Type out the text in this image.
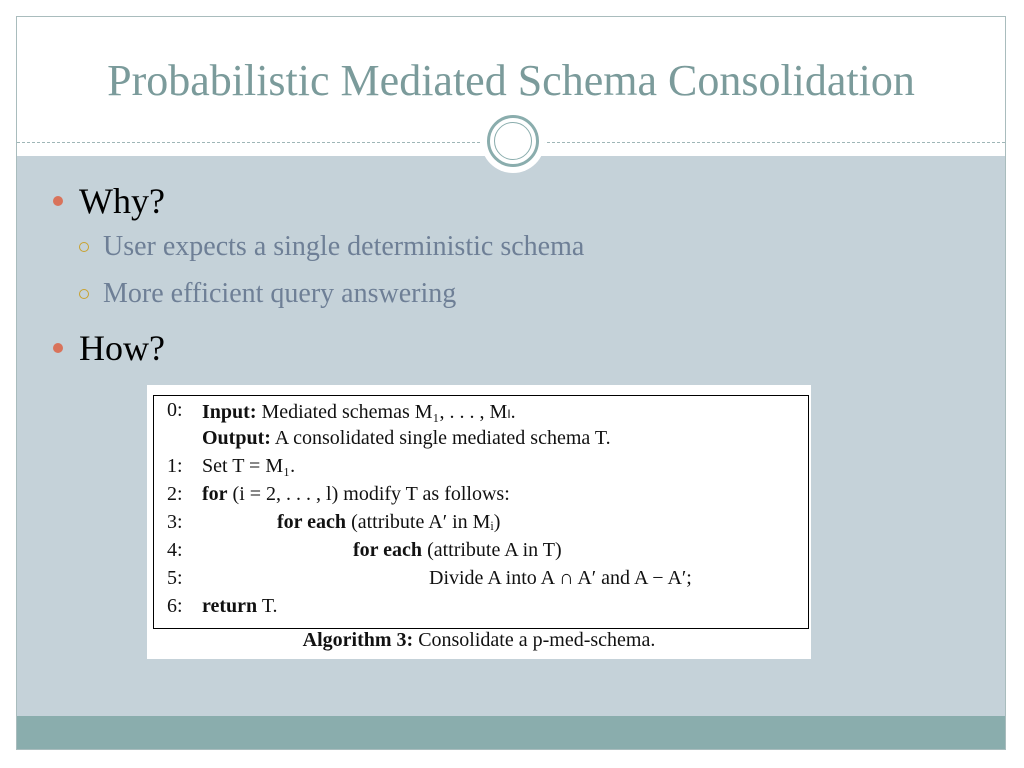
Probabilistic Mediated Schema Consolidation
Why?
User expects a single deterministic schema
More efficient query answering
How?
0: Input: Mediated schemas M₁, . . . , Mₗ.
Output: A consolidated single mediated schema T.
1: Set T = M₁.
2: for (i = 2, . . . , l) modify T as follows:
3:	for each (attribute A′ in Mᵢ)
4:	for each (attribute A in T)
5:	Divide A into A ∩ A′ and A − A′;
6: return T.
Algorithm 3: Consolidate a p-med-schema.
